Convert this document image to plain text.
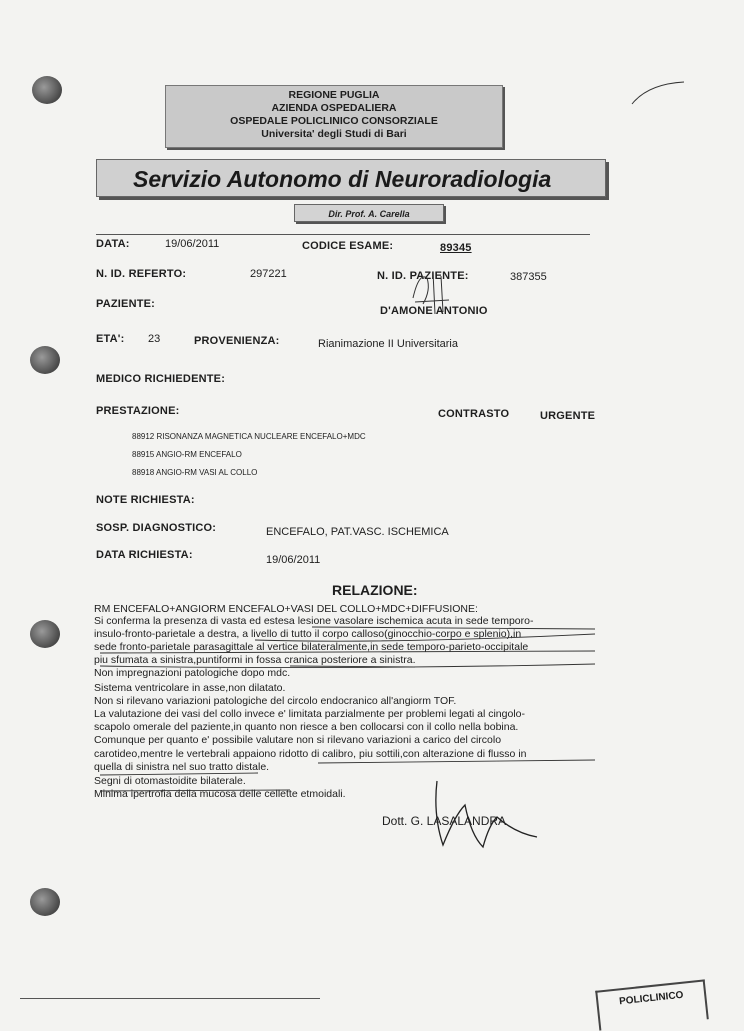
REGIONE PUGLIA
AZIENDA OSPEDALIERA
OSPEDALE POLICLINICO CONSORZIALE
Universita' degli Studi di Bari
Servizio Autonomo di Neuroradiologia
Dir. Prof. A. Carella
DATA:	19/06/2011	CODICE ESAME:	89345
N. ID. REFERTO:	297221	N. ID. PAZIENTE:	387355
PAZIENTE:
D'AMONE ANTONIO
ETA': 23	PROVENIENZA:	Rianimazione II Universitaria
MEDICO RICHIEDENTE:
PRESTAZIONE:	CONTRASTO	URGENTE
88912 RISONANZA MAGNETICA NUCLEARE ENCEFALO+MDC
88915 ANGIO-RM ENCEFALO
88918 ANGIO-RM VASI AL COLLO
NOTE RICHIESTA:
SOSP. DIAGNOSTICO:	ENCEFALO, PAT.VASC. ISCHEMICA
DATA RICHIESTA:	19/06/2011
RELAZIONE:
RM ENCEFALO+ANGIORM ENCEFALO+VASI DEL COLLO+MDC+DIFFUSIONE:
Si conferma la presenza di vasta ed estesa lesione vasolare ischemica acuta in sede temporo-
insulo-fronto-parietale a destra, a livello di tutto il corpo calloso(ginocchio-corpo e splenio),in
sede fronto-parietale parasagittale al vertice bilateralmente,in sede temporo-parieto-occipitale
piu sfumata a sinistra,puntiformi in fossa cranica posteriore a sinistra.
Non impregnazioni patologiche dopo mdc.
Sistema ventricolare in asse,non dilatato.
Non si rilevano variazioni patologiche del circolo endocranico all'angiorm TOF.
La valutazione dei vasi del collo invece e' limitata parzialmente per problemi legati al cingolo-
scapolo omerale del paziente,in quanto non riesce a ben collocarsi con il collo nella bobina.
Comunque per quanto e' possibile valutare non si rilevano variazioni a carico del circolo
carotideo,mentre le vertebrali appaiono ridotto di calibro, piu sottili,con alterazione di flusso in
quella di sinistra nel suo tratto distale.
Segni di otomastoidite bilaterale.
Minima ipertrofia della mucosa delle cellette etmoidali.
Dott. G. LASALANDRA
POLICLINICO
